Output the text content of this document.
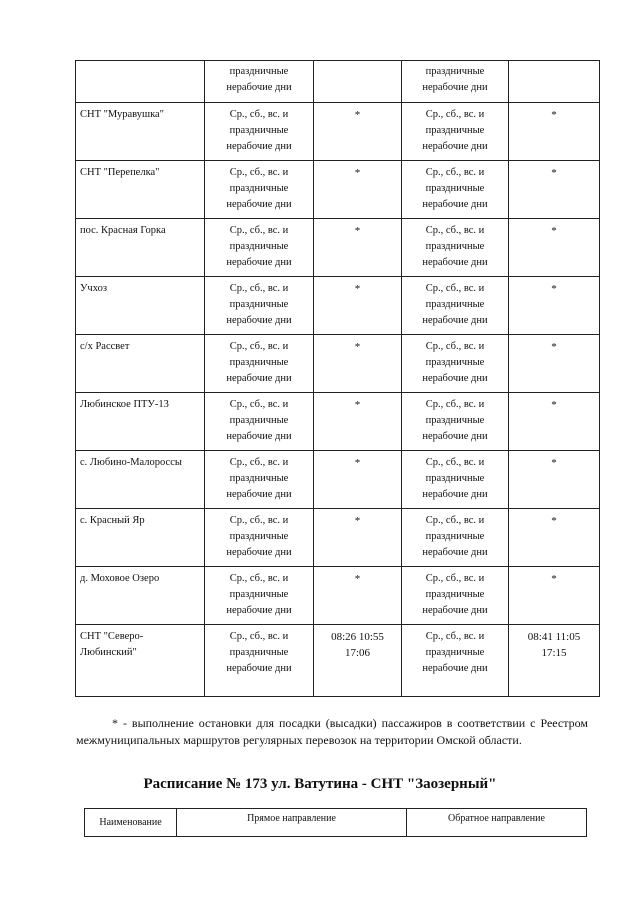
	праздничные
нерабочие дни		праздничные
нерабочие дни	
СНТ "Муравушка"	Ср., сб., вс. и
праздничные
нерабочие дни	*	Ср., сб., вс. и
праздничные
нерабочие дни	*
СНТ "Перепелка"	Ср., сб., вс. и
праздничные
нерабочие дни	*	Ср., сб., вс. и
праздничные
нерабочие дни	*
пос. Красная Горка	Ср., сб., вс. и
праздничные
нерабочие дни	*	Ср., сб., вс. и
праздничные
нерабочие дни	*
Учхоз	Ср., сб., вс. и
праздничные
нерабочие дни	*	Ср., сб., вс. и
праздничные
нерабочие дни	*
с/х Рассвет	Ср., сб., вс. и
праздничные
нерабочие дни	*	Ср., сб., вс. и
праздничные
нерабочие дни	*
Любинское ПТУ-13	Ср., сб., вс. и
праздничные
нерабочие дни	*	Ср., сб., вс. и
праздничные
нерабочие дни	*
с. Любино-Малороссы	Ср., сб., вс. и
праздничные
нерабочие дни	*	Ср., сб., вс. и
праздничные
нерабочие дни	*
с. Красный Яр	Ср., сб., вс. и
праздничные
нерабочие дни	*	Ср., сб., вс. и
праздничные
нерабочие дни	*
д. Моховое Озеро	Ср., сб., вс. и
праздничные
нерабочие дни	*	Ср., сб., вс. и
праздничные
нерабочие дни	*
СНТ "Северо-
Любинский"	Ср., сб., вс. и
праздничные
нерабочие дни	08:26 10:55
17:06	Ср., сб., вс. и
праздничные
нерабочие дни	08:41 11:05
17:15
* - выполнение остановки для посадки (высадки) пассажиров в соответствии с Реестром межмуниципальных маршрутов регулярных перевозок на территории Омской области.
Расписание № 173 ул. Ватутина - СНТ "Заозерный"
Наименование	Прямое направление	Обратное направление
